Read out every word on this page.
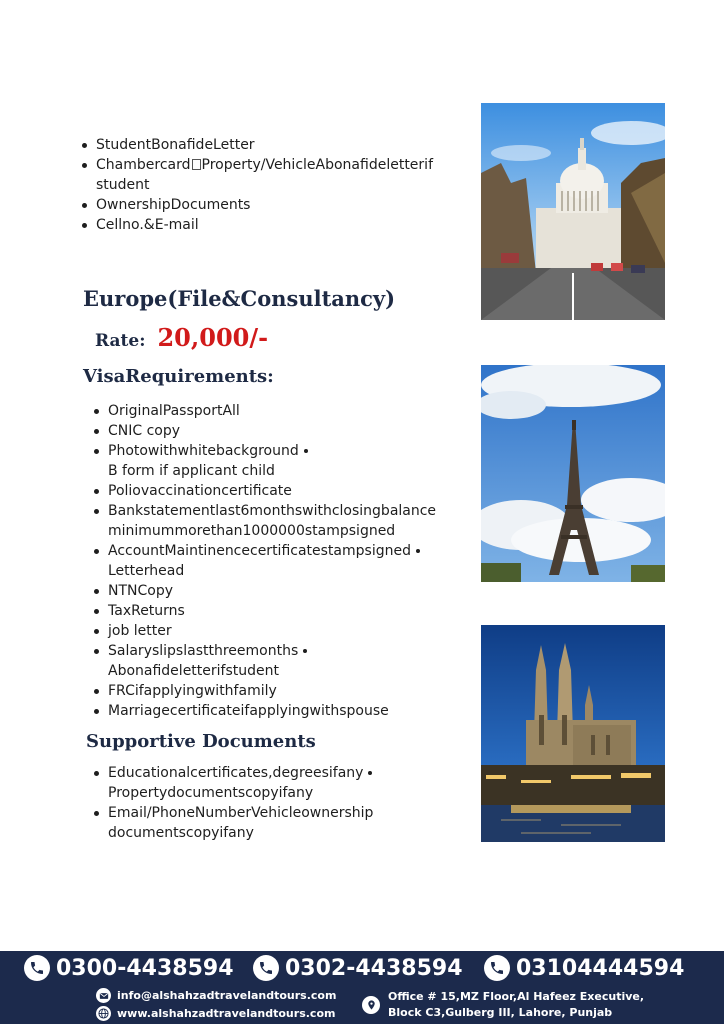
StudentBonafideLetter
Chambercard Property/VehicleAbonafideletterif
student
OwnershipDocuments
Cellno.&E-mail
Europe(File&Consultancy)
Rate: 20,000/-
VisaRequirements:
OriginalPassportAll
CNIC copy
Photowithwhitebackground
B form if applicant child
Poliovaccinationcertificate
Bankstatementlast6monthswithclosingbalance
minimummorethan1000000stampsigned
AccountMaintinencecertificatestampsigned
Letterhead
NTNCopy
TaxReturns
job letter
Salaryslipslastthreemonths
Abonafideletterifstudent
FRCifapplyingwithfamily
Marriagecertificateifapplyingwithspouse
Supportive Documents
Educationalcertificates,degreesifany
Propertydocumentscopyifany
Email/PhoneNumberVehicleownership
documentscopyifany
0300-4438594 0302-4438594 03104444594
info@alshahzadtravelandtours.com
www.alshahzadtravelandtours.com
Office # 15,MZ Floor,Al Hafeez Executive,
Block C3,Gulberg III, Lahore, Punjab
